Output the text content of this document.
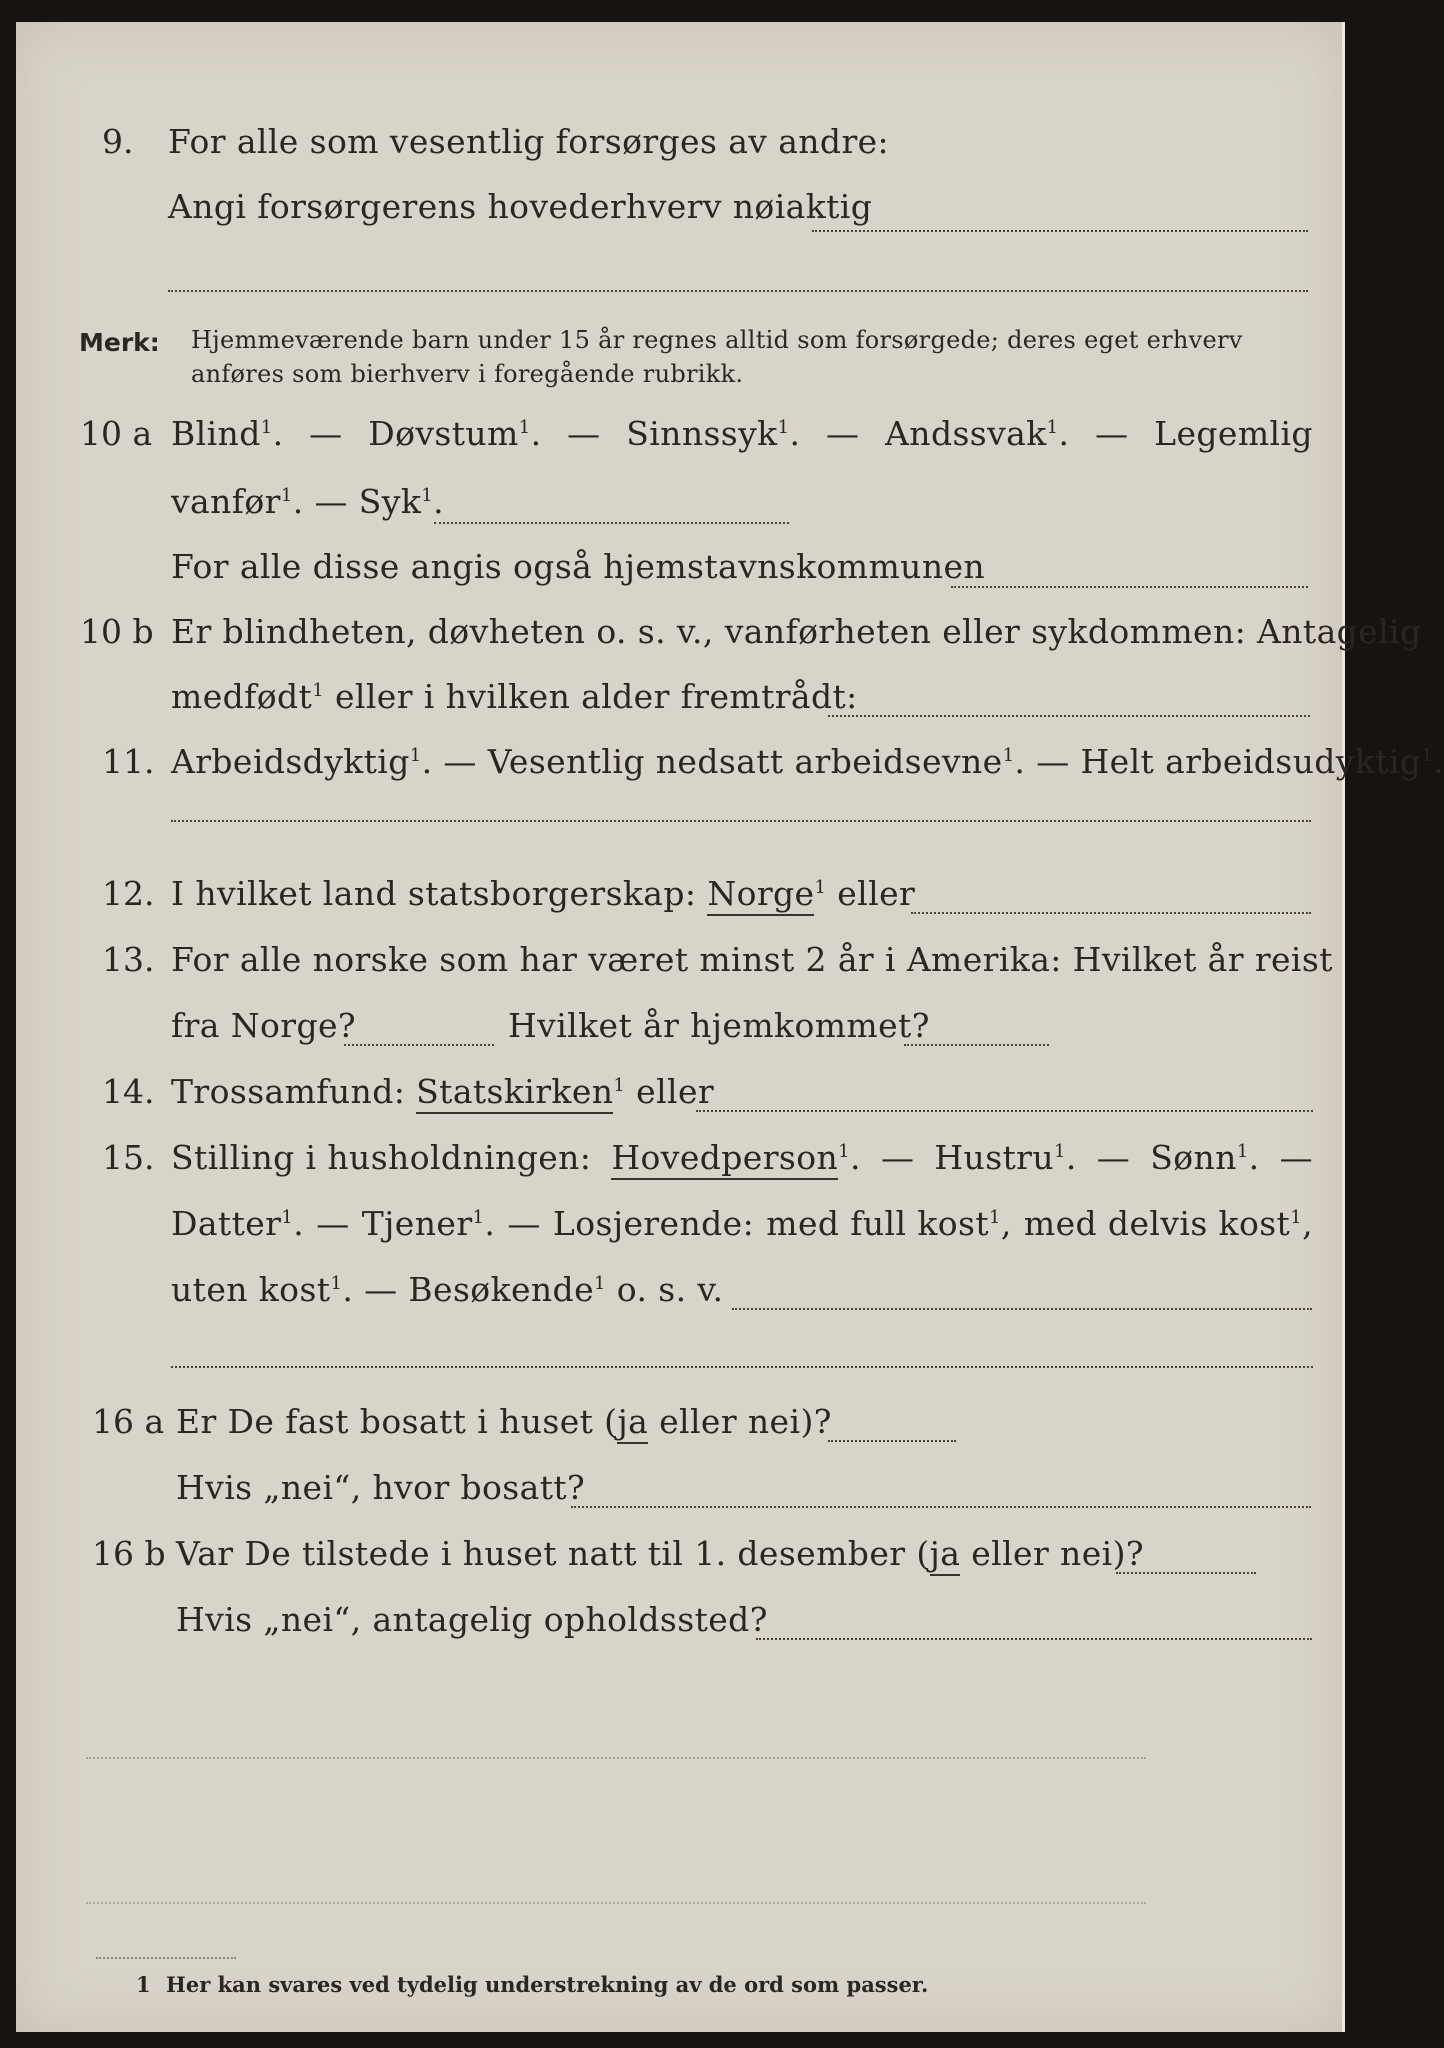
9. For alle som vesentlig forsørges av andre:
Angi forsørgerens hovederhverv nøiaktig
Merk: Hjemmeværende barn under 15 år regnes alltid som forsørgede; deres eget erhverv
anføres som bierhverv i foregående rubrikk.
10 a Blind$^1$. — Døvstum$^1$. — Sinnssyk$^1$. — Andssvak$^1$. — Legemlig
vanfør$^1$. — Syk$^1$.
For alle disse angis også hjemstavnskommunen
10 b Er blindheten, døvheten o. s. v., vanførheten eller sykdommen: Antagelig
medfødt$^1$ eller i hvilken alder fremtrådt:
11. Arbeidsdyktig$^1$. — Vesentlig nedsatt arbeidsevne$^1$. — Helt arbeidsudyktig$^1$.
12. I hvilket land statsborgerskap: Norge$^1$ eller
13. For alle norske som har været minst 2 år i Amerika: Hvilket år reist
fra Norge?	Hvilket år hjemkommet?
14. Trossamfund: Statskirken$^1$ eller
15. Stilling i husholdningen: Hovedperson$^1$. — Hustru$^1$. — Sønn$^1$. —
Datter$^1$. — Tjener$^1$. — Losjerende: med full kost$^1$, med delvis kost$^1$,
uten kost$^1$. — Besøkende$^1$ o. s. v.
16 a Er De fast bosatt i huset (ja eller nei)?
Hvis „nei“, hvor bosatt?
16 b Var De tilstede i huset natt til 1. desember (ja eller nei)?
Hvis „nei“, antagelig opholdssted?
1 Her kan svares ved tydelig understrekning av de ord som passer.
